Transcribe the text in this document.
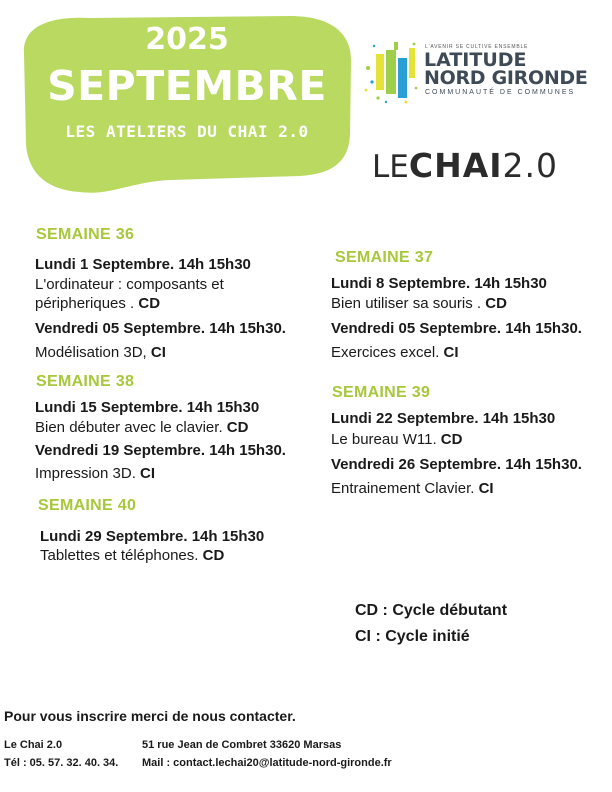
2025
SEPTEMBRE
LES ATELIERS DU CHAI 2.0
L'AVENIR SE CULTIVE ENSEMBLE
LATITUDE
NORD GIRONDE
COMMUNAUTÉ DE COMMUNES
LECHAI2.0
SEMAINE 36
Lundi 1 Septembre. 14h 15h30
L'ordinateur : composants et
péripheriques . CD
Vendredi 05 Septembre. 14h 15h30.
Modélisation 3D, CI
SEMAINE 38
Lundi 15 Septembre. 14h 15h30
Bien débuter avec le clavier. CD
Vendredi 19 Septembre. 14h 15h30.
Impression 3D. CI
SEMAINE 40
Lundi 29 Septembre. 14h 15h30
Tablettes et téléphones. CD
SEMAINE 37
Lundi 8 Septembre. 14h 15h30
Bien utiliser sa souris . CD
Vendredi 05 Septembre. 14h 15h30.
Exercices excel. CI
SEMAINE 39
Lundi 22 Septembre. 14h 15h30
Le bureau W11. CD
Vendredi 26 Septembre. 14h 15h30.
Entrainement Clavier. CI
CD : Cycle débutant
CI : Cycle initié
Pour vous inscrire merci de nous contacter.
Le Chai 2.0	51 rue Jean de Combret 33620 Marsas
Tél : 05. 57. 32. 40. 34. Mail : contact.lechai20@latitude-nord-gironde.fr
